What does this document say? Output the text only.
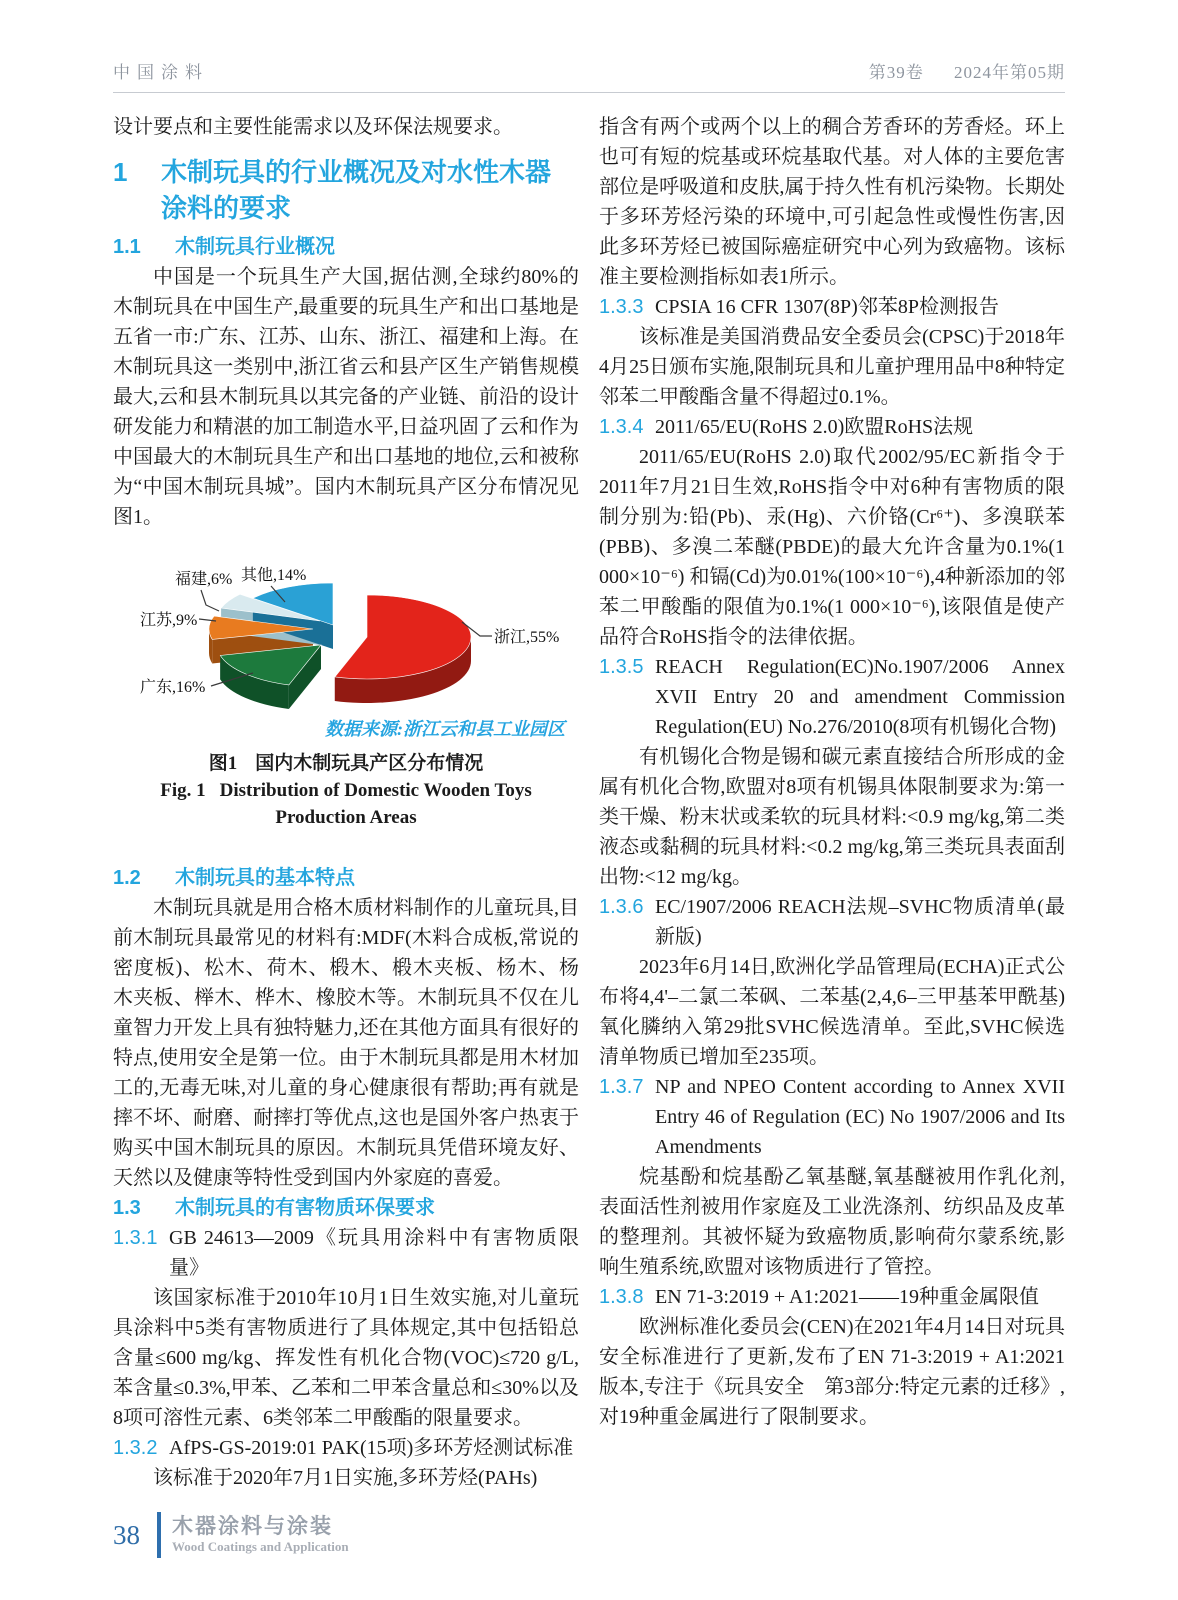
中国涂料	第39卷 2024年第05期

设计要点和主要性能需求以及环保法规要求。

1	木制玩具的行业概况及对水性木器涂料的要求
1.1	木制玩具行业概况

中国是一个玩具生产大国,据估测,全球约80%的木制玩具在中国生产,最重要的玩具生产和出口基地是五省一市:广东、江苏、山东、浙江、福建和上海。在木制玩具这一类别中,浙江省云和县产区生产销售规模最大,云和县木制玩具以其完备的产业链、前沿的设计研发能力和精湛的加工制造水平,日益巩固了云和作为中国最大的木制玩具生产和出口基地的地位,云和被称为“中国木制玩具城”。国内木制玩具产区分布情况见图1。

浙江,55%
广东,16%
江苏,9%
福建,6% 其他,14%

数据来源:浙江云和县工业园区

图1 国内木制玩具产区分布情况
Fig. 1 Distribution of Domestic Wooden Toys Production Areas
1.2	木制玩具的基本特点

木制玩具就是用合格木质材料制作的儿童玩具,目前木制玩具最常见的材料有:MDF(木料合成板,常说的密度板)、松木、荷木、椴木、椴木夹板、杨木、杨木夹板、榉木、桦木、橡胶木等。木制玩具不仅在儿童智力开发上具有独特魅力,还在其他方面具有很好的特点,使用安全是第一位。由于木制玩具都是用木材加工的,无毒无味,对儿童的身心健康很有帮助;再有就是摔不坏、耐磨、耐摔打等优点,这也是国外客户热衷于购买中国木制玩具的原因。木制玩具凭借环境友好、天然以及健康等特性受到国内外家庭的喜爱。

1.3	木制玩具的有害物质环保要求
1.3.1 GB 24613—2009《玩具用涂料中有害物质限量》

该国家标准于2010年10月1日生效实施,对儿童玩具涂料中5类有害物质进行了具体规定,其中包括铅总含量≤600 mg/kg、挥发性有机化合物(VOC)≤720 g/L,苯含量≤0.3%,甲苯、乙苯和二甲苯含量总和≤30%以及8项可溶性元素、6类邻苯二甲酸酯的限量要求。

1.3.2 AfPS-GS-2019:01 PAK(15项)多环芳烃测试标准

该标准于2020年7月1日实施,多环芳烃(PAHs)

指含有两个或两个以上的稠合芳香环的芳香烃。环上也可有短的烷基或环烷基取代基。对人体的主要危害部位是呼吸道和皮肤,属于持久性有机污染物。长期处于多环芳烃污染的环境中,可引起急性或慢性伤害,因此多环芳烃已被国际癌症研究中心列为致癌物。该标准主要检测指标如表1所示。

1.3.3 CPSIA 16 CFR 1307(8P)邻苯8P检测报告

该标准是美国消费品安全委员会(CPSC)于2018年4月25日颁布实施,限制玩具和儿童护理用品中8种特定邻苯二甲酸酯含量不得超过0.1%。

1.3.4 2011/65/EU(RoHS 2.0)欧盟RoHS法规

2011/65/EU(RoHS 2.0)取代2002/95/EC新指令于2011年7月21日生效,RoHS指令中对6种有害物质的限制分别为:铅(Pb)、汞(Hg)、六价铬(Cr⁶⁺)、多溴联苯(PBB)、多溴二苯醚(PBDE)的最大允许含量为0.1%(1 000×10⁻⁶) 和镉(Cd)为0.01%(100×10⁻⁶),4种新添加的邻苯二甲酸酯的限值为0.1%(1 000×10⁻⁶),该限值是使产品符合RoHS指令的法律依据。

1.3.5 REACH Regulation(EC)No.1907/2006 Annex XVII Entry 20 and amendment Commission Regulation(EU) No.276/2010(8项有机锡化合物)

有机锡化合物是锡和碳元素直接结合所形成的金属有机化合物,欧盟对8项有机锡具体限制要求为:第一类干燥、粉末状或柔软的玩具材料:<0.9 mg/kg,第二类液态或黏稠的玩具材料:<0.2 mg/kg,第三类玩具表面刮出物:<12 mg/kg。

1.3.6 EC/1907/2006 REACH法规–SVHC物质清单(最新版)

2023年6月14日,欧洲化学品管理局(ECHA)正式公布将4,4'–二氯二苯砜、二苯基(2,4,6–三甲基苯甲酰基)氧化膦纳入第29批SVHC候选清单。至此,SVHC候选清单物质已增加至235项。

1.3.7 NP and NPEO Content according to Annex XVII Entry 46 of Regulation (EC) No 1907/2006 and Its Amendments

烷基酚和烷基酚乙氧基醚,氧基醚被用作乳化剂,表面活性剂被用作家庭及工业洗涤剂、纺织品及皮革的整理剂。其被怀疑为致癌物质,影响荷尔蒙系统,影响生殖系统,欧盟对该物质进行了管控。

1.3.8 EN 71-3:2019 + A1:2021——19种重金属限值

欧洲标准化委员会(CEN)在2021年4月14日对玩具安全标准进行了更新,发布了EN 71-3:2019 + A1:2021版本,专注于《玩具安全　第3部分:特定元素的迁移》,对19种重金属进行了限制要求。

38	木器涂料与涂装
Wood Coatings and Application
